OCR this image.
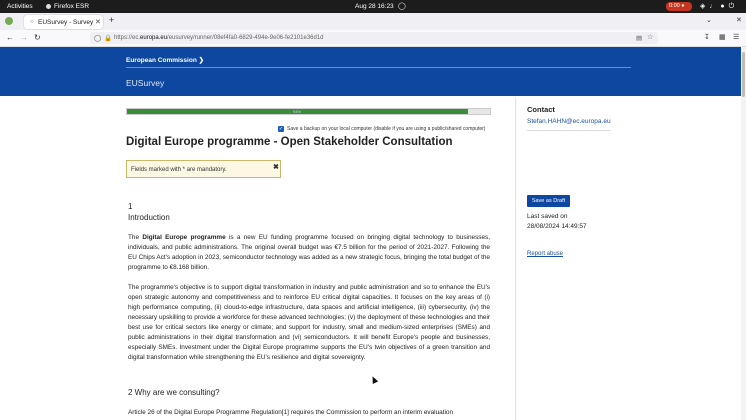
Activities	Firefox ESR	Aug 28 16:23 ◯	0:00 ●	◈♩●⏻
○ EUSurvey - Survey ✕ +	⌄	✕
← → ↻	◯ 🔒 https://ec.europa.eu/eusurvey/runner/08ef4fa0-6829-494e-9e06-fe2101e36d1d	▤ ☆	↧ ▦ ☰
European Commission ❯
EUSurvey
94%
✓ Save a backup on your local computer (disable if you are using a public/shared computer)
Digital Europe programme - Open Stakeholder Consultation
Fields marked with * are mandatory.	✖
1
Introduction
The Digital Europe programme is a new EU funding programme focused on bringing digital technology to businesses, individuals, and public administrations. The original overall budget was €7.5 billion for the period of 2021-2027. Following the EU Chips Act's adoption in 2023, semiconductor technology was added as a new strategic focus, bringing the total budget of the programme to €8.168 billion.
The programme's objective is to support digital transformation in industry and public administration and so to enhance the EU's open strategic autonomy and competitiveness and to reinforce EU critical digital capacities. It focuses on the key areas of (i) high performance computing, (ii) cloud-to-edge infrastructure, data spaces and artificial intelligence, (iii) cybersecurity, (iv) the necessary upskilling to provide a workforce for these advanced technologies; (v) the deployment of these technologies and their best use for critical sectors like energy or climate; and support for industry, small and medium-sized enterprises (SMEs) and public administrations in their digital transformation and (vi) semiconductors. It will benefit Europe's people and businesses, especially SMEs. Investment under the Digital Europe programme supports the EU's twin objectives of a green transition and digital transformation while strengthening the EU's resilience and digital sovereignty.
2 Why are we consulting?
Article 26 of the Digital Europe Programme Regulation[1] requires the Commission to perform an interim evaluation
Contact
Stefan.HAHN@ec.europa.eu
Save as Draft
Last saved on
28/08/2024 14:49:57
Report abuse
